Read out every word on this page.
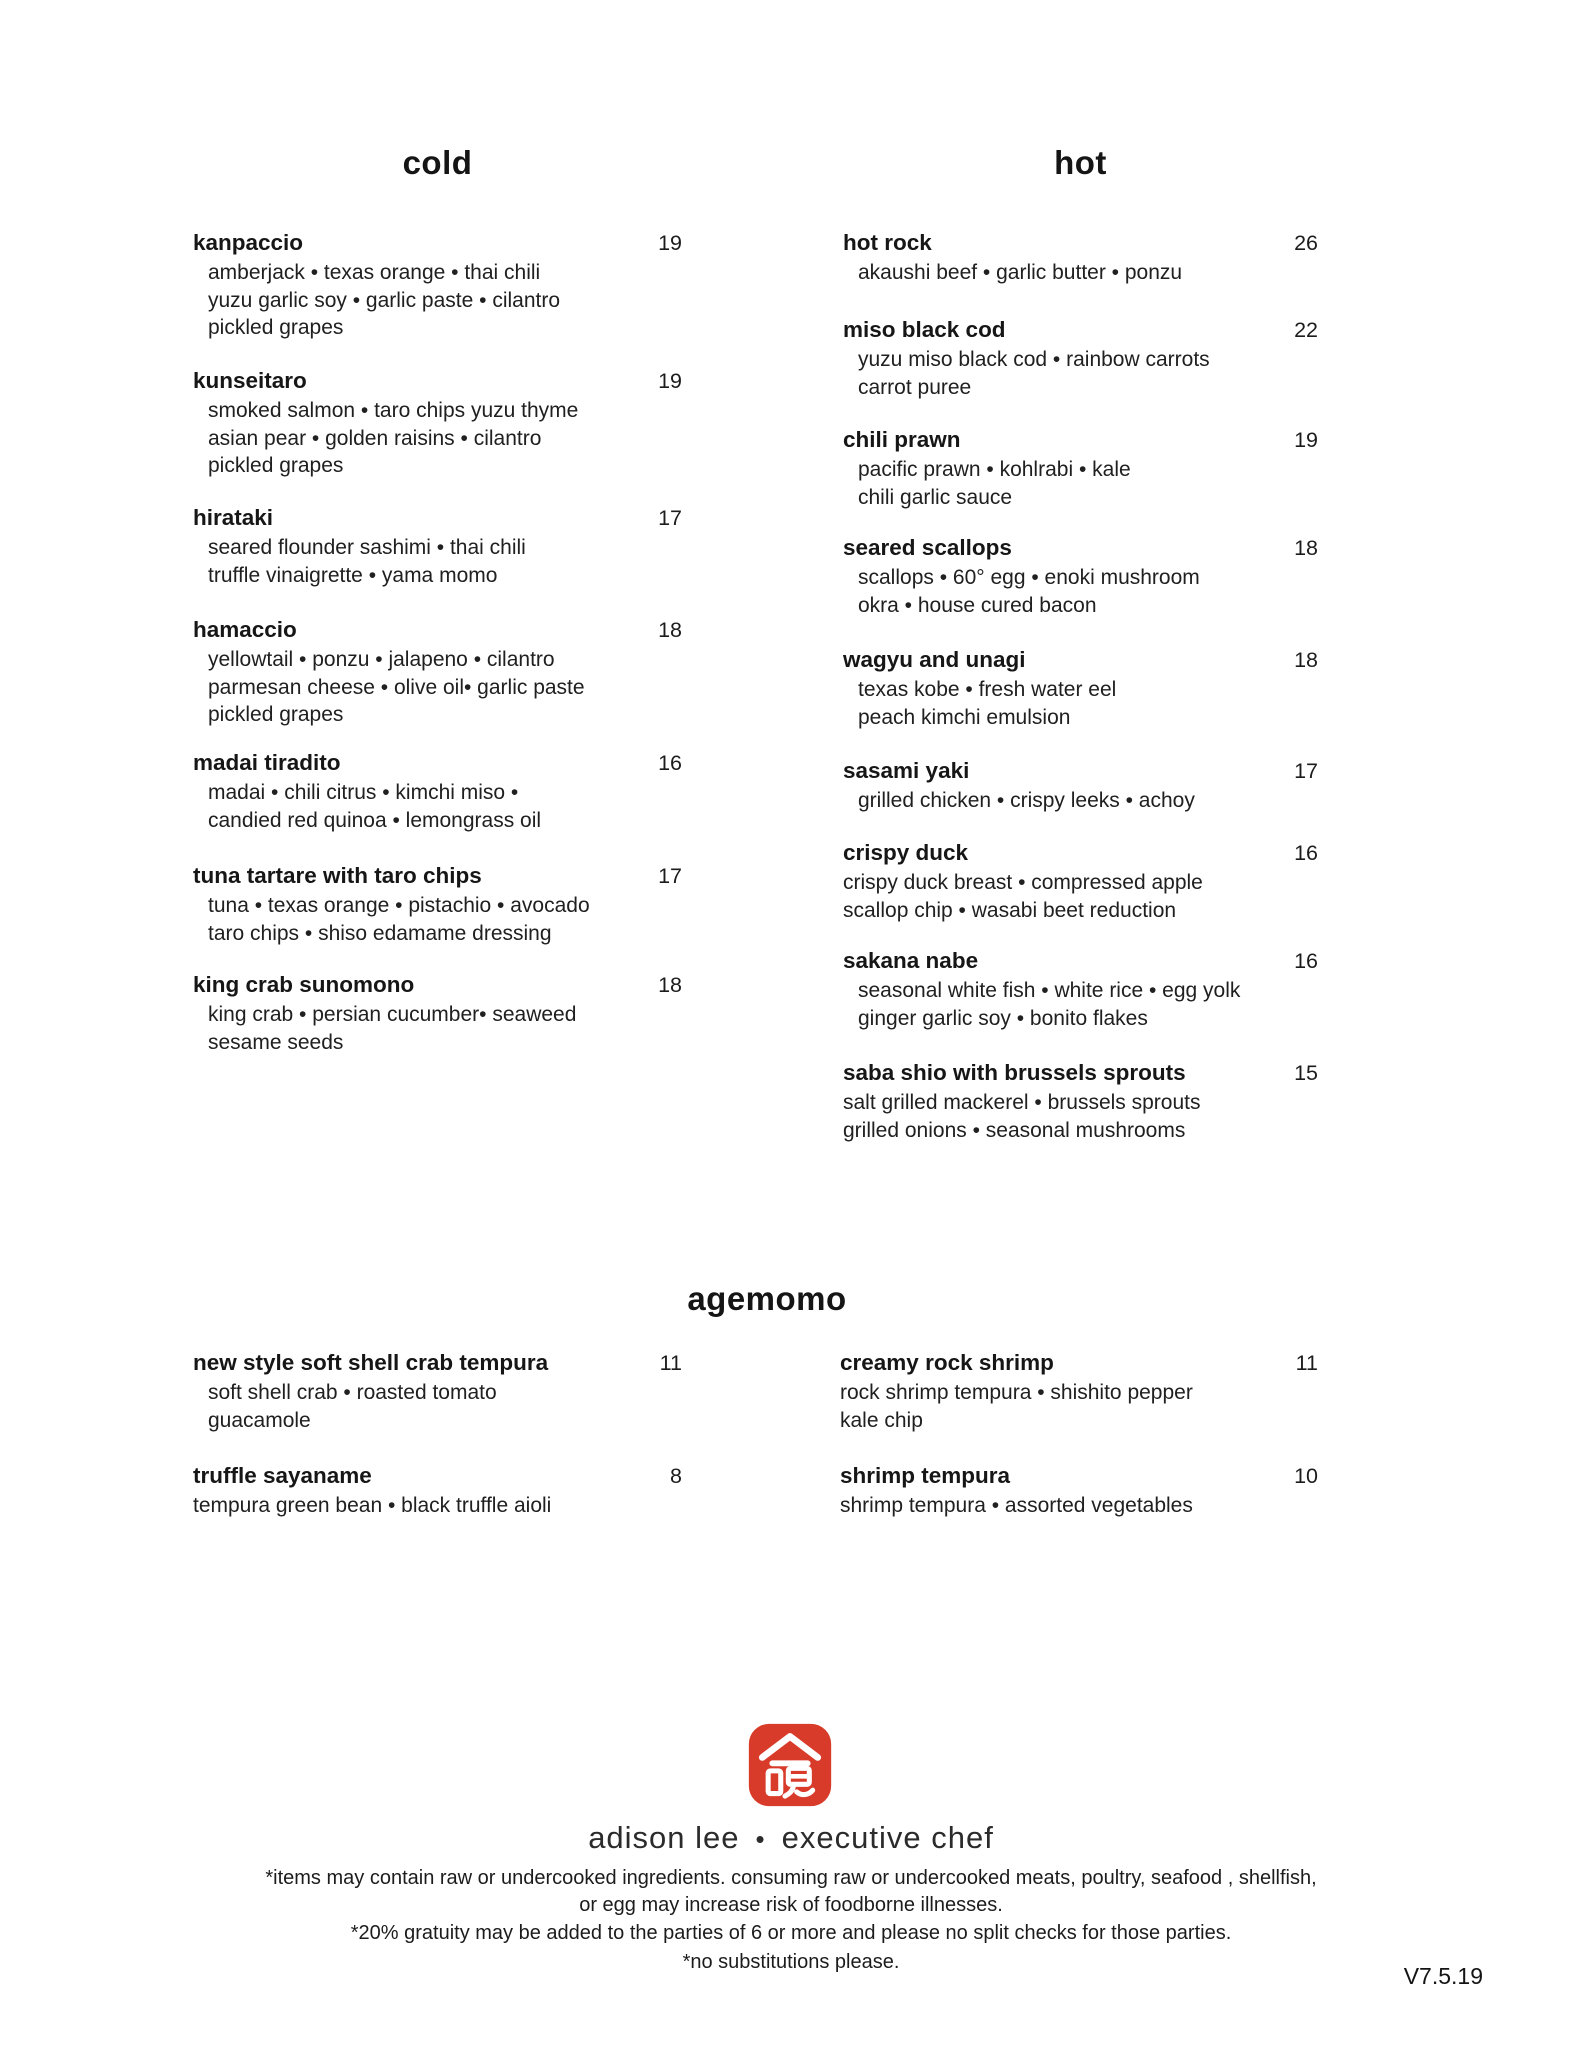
cold	hot
agemomo
kanpaccio	19
amberjack • texas orange • thai chili
yuzu garlic soy • garlic paste • cilantro
pickled grapes
kunseitaro	19
smoked salmon • taro chips yuzu thyme
asian pear • golden raisins • cilantro
pickled grapes
hirataki	17
seared flounder sashimi • thai chili
truffle vinaigrette • yama momo
hamaccio	18
yellowtail • ponzu • jalapeno • cilantro
parmesan cheese • olive oil• garlic paste
pickled grapes
madai tiradito	16
madai • chili citrus • kimchi miso •
candied red quinoa • lemongrass oil
tuna tartare with taro chips	17
tuna • texas orange • pistachio • avocado
taro chips • shiso edamame dressing
king crab sunomono	18
king crab • persian cucumber• seaweed
sesame seeds
hot rock	26
akaushi beef • garlic butter • ponzu
miso black cod	22
yuzu miso black cod • rainbow carrots
carrot puree
chili prawn	19
pacific prawn • kohlrabi • kale
chili garlic sauce
seared scallops	18
scallops • 60° egg • enoki mushroom
okra • house cured bacon
wagyu and unagi	18
texas kobe • fresh water eel
peach kimchi emulsion
sasami yaki	17
grilled chicken • crispy leeks • achoy
crispy duck	16
crispy duck breast • compressed apple
scallop chip • wasabi beet reduction
sakana nabe	16
seasonal white fish • white rice • egg yolk
ginger garlic soy • bonito flakes
saba shio with brussels sprouts	15
salt grilled mackerel • brussels sprouts
grilled onions • seasonal mushrooms
new style soft shell crab tempura	11
soft shell crab • roasted tomato
guacamole
truffle sayaname	8
tempura green bean • black truffle aioli
creamy rock shrimp	11
rock shrimp tempura • shishito pepper
kale chip
shrimp tempura	10
shrimp tempura • assorted vegetables
adison lee • executive chef
*items may contain raw or undercooked ingredients. consuming raw or undercooked meats, poultry, seafood , shellfish,
or egg may increase risk of foodborne illnesses.
*20% gratuity may be added to the parties of 6 or more and please no split checks for those parties.
*no substitutions please.
V7.5.19
